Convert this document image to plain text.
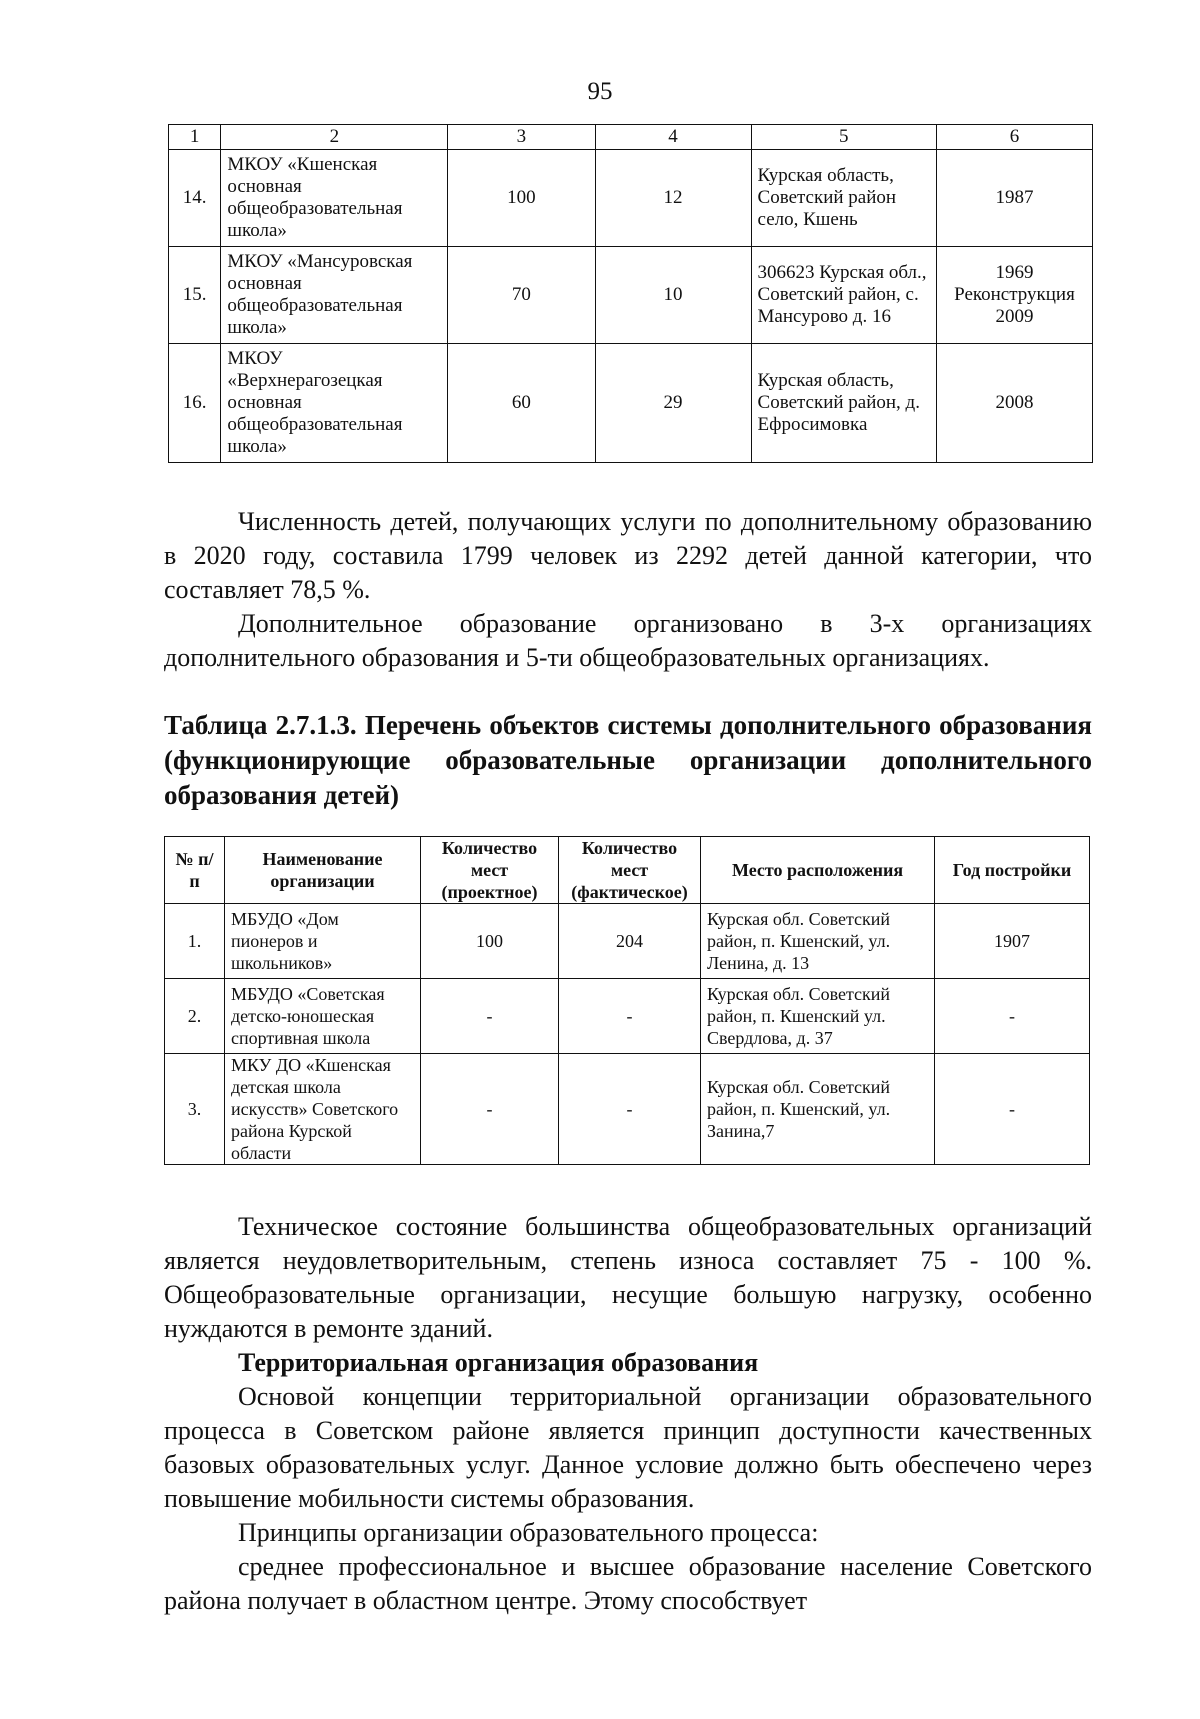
95
1	2	3	4	5	6
14.	МКОУ «Кшенская основная общеобразовательная школа»	100	12	Курская область, Советский район село, Кшень	1987
15.	МКОУ «Мансуровская основная общеобразовательная школа»	70	10	306623 Курская обл., Советский район, с. Мансурово д. 16	1969 Реконструкция 2009
16.	МКОУ «Верхнерагозецкая основная общеобразовательная школа»	60	29	Курская область, Советский район, д. Ефросимовка	2008

Численность детей, получающих услуги по дополнительному образованию в 2020 году, составила 1799 человек из 2292 детей данной категории, что составляет 78,5 %.

Дополнительное образование организовано в 3-х организациях дополнительного образования и 5-ти общеобразовательных организациях.

Таблица 2.7.1.3. Перечень объектов системы дополнительного образования (функционирующие образовательные организации дополнительного образования детей)

№ п/п	Наименование организации	Количество мест (проектное)	Количество мест (фактическое)	Место расположения	Год постройки
1.	МБУДО «Дом пионеров и школьников»	100	204	Курская обл. Советский район, п. Кшенский, ул. Ленина, д. 13	1907
2.	МБУДО «Советская детско-юношеская спортивная школа	-	-	Курская обл. Советский район, п. Кшенский ул. Свердлова, д. 37	-
3.	МКУ ДО «Кшенская детская школа искусств» Советского района Курской области	-	-	Курская обл. Советский район, п. Кшенский, ул. Занина,7	-

Техническое состояние большинства общеобразовательных организаций является неудовлетворительным, степень износа составляет 75 - 100 %. Общеобразовательные организации, несущие большую нагрузку, особенно нуждаются в ремонте зданий.

Территориальная организация образования

Основой концепции территориальной организации образовательного процесса в Советском районе является принцип доступности качественных базовых образовательных услуг. Данное условие должно быть обеспечено через повышение мобильности системы образования.

Принципы организации образовательного процесса:

среднее профессиональное и высшее образование население Советского района получает в областном центре. Этому способствует
